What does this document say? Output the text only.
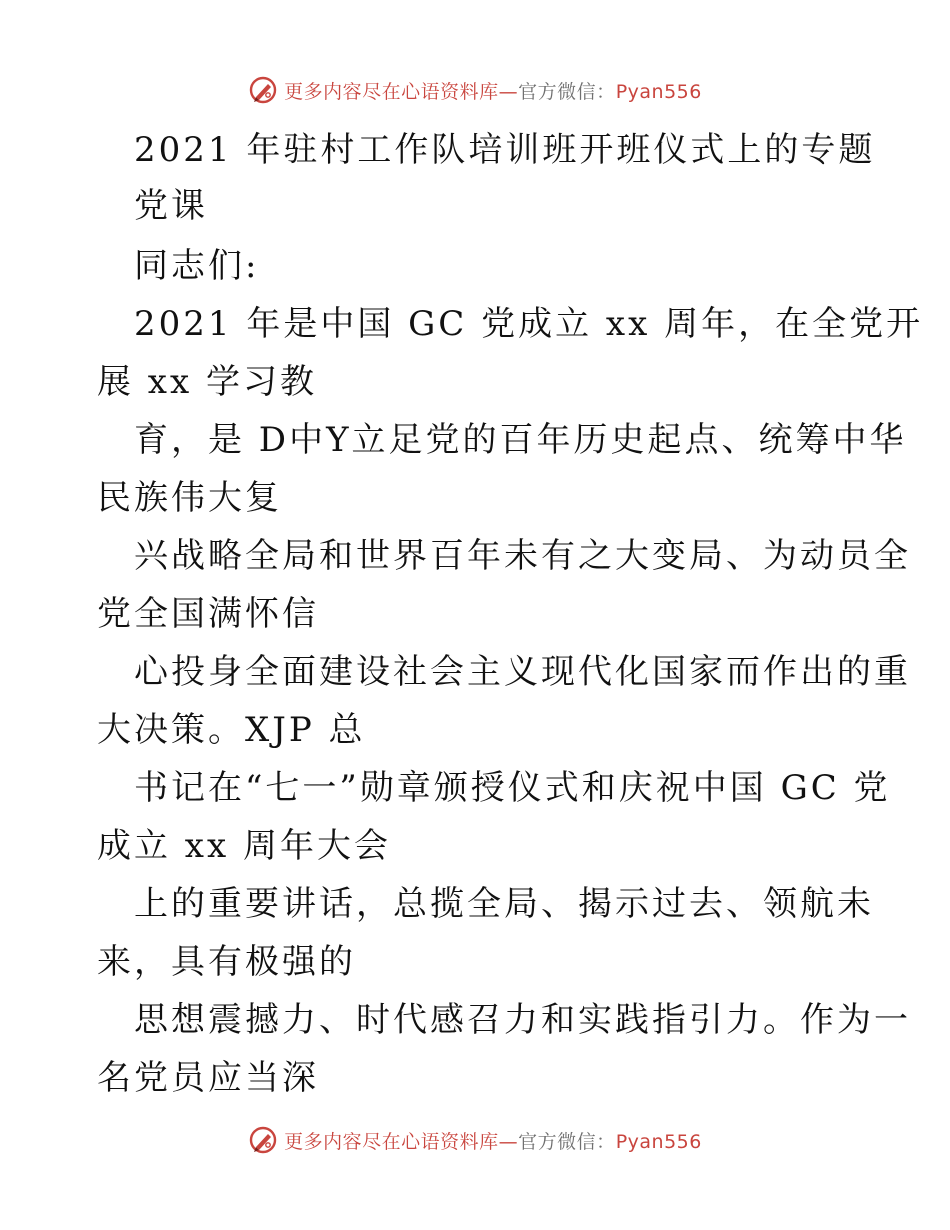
更多内容尽在心语资料库—官方微信：Pyan556
2021 年驻村工作队培训班开班仪式上的专题
党课
同志们:
2021 年是中国 GC 党成立 xx 周年，在全党开
展 xx 学习教
育，是 D中Y立足党的百年历史起点、统筹中华
民族伟大复
兴战略全局和世界百年未有之大变局、为动员全
党全国满怀信
心投身全面建设社会主义现代化国家而作出的重
大决策。XJP 总
书记在“七一”勋章颁授仪式和庆祝中国 GC 党
成立 xx 周年大会
上的重要讲话，总揽全局、揭示过去、领航未
来，具有极强的
思想震撼力、时代感召力和实践指引力。作为一
名党员应当深
更多内容尽在心语资料库—官方微信：Pyan556
